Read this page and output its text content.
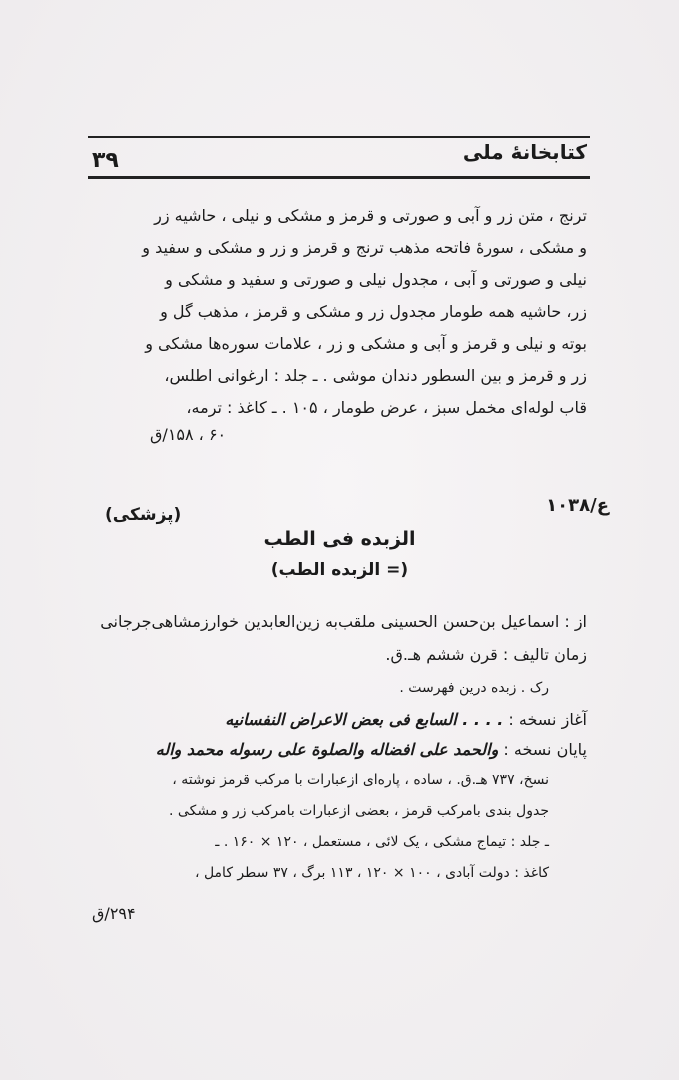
کتابخانهٔ ملی
۳۹

ترنج ، متن زر و آبی و صورتی و قرمز و مشکی و نیلی ، حاشیه زر

و مشکی ، سورهٔ فاتحه مذهب ترنج و قرمز و زر و مشکی و سفید و

نیلی و صورتی و آبی ، مجدول نیلی و صورتی و سفید و مشکی و

زر، حاشیه همه طومار مجدول زر و مشکی و قرمز ، مذهب گل و

بوته و نیلی و قرمز و آبی و مشکی و زر ، علامات سوره‌ها مشکی و

زر و قرمز و بین السطور دندان موشی . ـ جلد : ارغوانی اطلس،

قاب لوله‌ای مخمل سبز ، عرض طومار ، ۱۰۵ . ـ کاغذ : ترمه،

۶۰ ، ۱۵۸/ق
ع/۱۰۳۸
(پزشکی)
الزبده فی الطب
(= الزبده الطب)
از : اسماعیل بن‌حسن الحسینی ملقب‌به زین‌العابدین خوارزمشاهی‌جرجانی
زمان تالیف : قرن ششم هـ.ق.
رک . زبده درین فهرست .
آغاز نسخه : . . . . السابع فی بعض الاعراض النفسانیه
پایان نسخه : والحمد علی افضاله والصلوة علی رسوله محمد واله

نسخ، ۷۳۷ هـ.ق. ، ساده ، پاره‌ای ازعبارات با مرکب قرمز نوشته ،

جدول بندی بامرکب قرمز ، بعضی ازعبارات بامرکب زر و مشکی .

ـ جلد : تیماج مشکی ، یک لائی ، مستعمل ، ۱۲۰ × ۱۶۰ . ـ

کاغذ : دولت آبادی ، ۱۰۰ × ۱۲۰ ، ۱۱۳ برگ ، ۳۷ سطر کامل ،

۲۹۴/ق
